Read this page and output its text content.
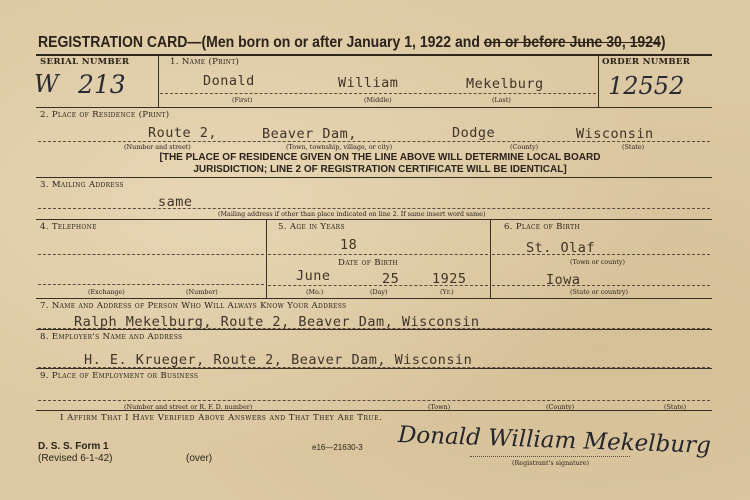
REGISTRATION CARD—(Men born on or after January 1, 1922 and on or before June 30, 1924)
SERIAL NUMBER
W 213
1. Name (Print)
Donald	William	Mekelburg
(First)	(Middle)	(Last)
ORDER NUMBER
12552
2. Place of Residence (Print)
Route 2,	Beaver Dam,	Dodge	Wisconsin
(Number and street)	(Town, township, village, or city)	(County)	(State)
[THE PLACE OF RESIDENCE GIVEN ON THE LINE ABOVE WILL DETERMINE LOCAL BOARD
JURISDICTION; LINE 2 OF REGISTRATION CERTIFICATE WILL BE IDENTICAL]
3. Mailing Address
same
(Mailing address if other than place indicated on line 2. If same insert word same)
4. Telephone
(Exchange)	(Number)
5. Age in Years
18
Date of Birth
June	25 1925
(Mo.)	(Day)	(Yr.)
6. Place of Birth
St. Olaf
(Town or county)
Iowa
(State or country)
7. Name and Address of Person Who Will Always Know Your Address
Ralph Mekelburg, Route 2, Beaver Dam, Wisconsin
8. Employer's Name and Address
H. E. Krueger, Route 2, Beaver Dam, Wisconsin
9. Place of Employment or Business
(Number and street or R. F. D. number)	(Town)	(County)	(State)
I Affirm That I Have Verified Above Answers and That They Are True.
D. S. S. Form 1
(Revised 6-1-42)	(over)
e16—21630-3 Donald William Mekelburg
(Registrant's signature)
